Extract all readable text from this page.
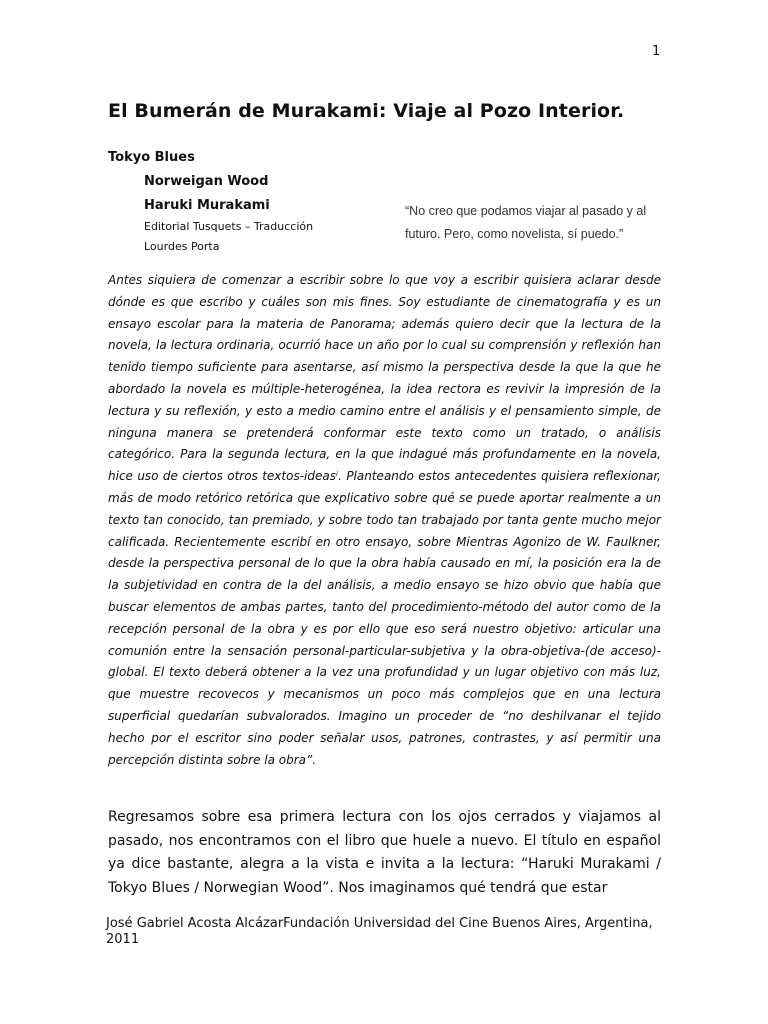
1
El Bumerán de Murakami: Viaje al Pozo Interior.
Tokyo Blues
Norweigan Wood
Haruki Murakami
Editorial Tusquets – Traducción
Lourdes Porta
“No creo que podamos viajar al pasado y al futuro. Pero, como novelista, sí puedo.”

Antes siquiera de comenzar a escribir sobre lo que voy a escribir quisiera aclarar desde dónde es que escribo y cuáles son mis fines. Soy estudiante de cinematografía y es un ensayo escolar para la materia de Panorama; además quiero decir que la lectura de la novela, la lectura ordinaria, ocurrió hace un año por lo cual su comprensión y reflexión han tenido tiempo suficiente para asentarse, así mismo la perspectiva desde la que la que he abordado la novela es múltiple-heterogénea, la idea rectora es revivir la impresión de la lectura y su reflexión, y esto a medio camino entre el análisis y el pensamiento simple, de ninguna manera se pretenderá conformar este texto como un tratado, o análisis categórico. Para la segunda lectura, en la que indagué más profundamente en la novela, hice uso de ciertos otros textos-ideasⁱ. Planteando estos antecedentes quisiera reflexionar, más de modo retórico retórica que explicativo sobre qué se puede aportar realmente a un texto tan conocido, tan premiado, y sobre todo tan trabajado por tanta gente mucho mejor calificada. Recientemente escribí en otro ensayo, sobre Mientras Agonizo de W. Faulkner, desde la perspectiva personal de lo que la obra había causado en mí, la posición era la de la subjetividad en contra de la del análisis, a medio ensayo se hizo obvio que había que buscar elementos de ambas partes, tanto del procedimiento-método del autor como de la recepción personal de la obra y es por ello que eso será nuestro objetivo: articular una comunión entre la sensación personal-particular-subjetiva y la obra-objetiva-(de acceso)-global. El texto deberá obtener a la vez una profundidad y un lugar objetivo con más luz, que muestre recovecos y mecanismos un poco más complejos que en una lectura superficial quedarían subvalorados. Imagino un proceder de “no deshilvanar el tejido hecho por el escritor sino poder señalar usos, patrones, contrastes, y así permitir una percepción distinta sobre la obra”.

Regresamos sobre esa primera lectura con los ojos cerrados y viajamos al pasado, nos encontramos con el libro que huele a nuevo. El título en español ya dice bastante, alegra a la vista e invita a la lectura: “Haruki Murakami / Tokyo Blues / Norwegian Wood”. Nos imaginamos qué tendrá que estar

José Gabriel Acosta AlcázarFundación Universidad del Cine Buenos Aires, Argentina, 2011
